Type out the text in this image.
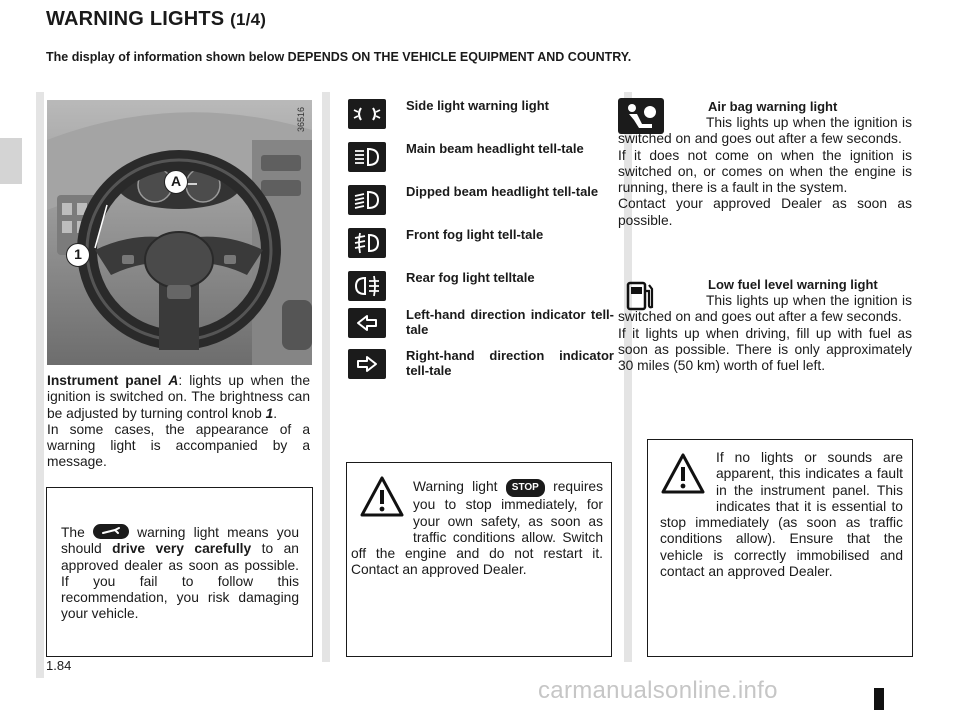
WARNING LIGHTS (1/4)
The display of information shown below DEPENDS ON THE VEHICLE EQUIPMENT AND COUNTRY.
36516
A
1
Instrument panel A: lights up when the ignition is switched on. The brightness can be adjusted by turning control knob 1.
In some cases, the appearance of a warning light is accompanied by a message.
The	warning light means you should drive very carefully to an approved dealer as soon as possible. If you fail to follow this recommendation, you risk damaging your vehicle.
Side light warning light
Main beam headlight tell-tale
Dipped beam headlight tell-tale
Front fog light tell-tale
Rear fog light telltale
Left-hand direction indicator tell-tale
Right-hand direction indicator tell-tale
Warning light STOP requires you to stop immediately, for your own safety, as soon as traffic conditions allow. Switch off the engine and do not restart it. Contact an approved Dealer.
Air bag warning light
This lights up when the ignition is switched on and goes out after a few seconds.
If it does not come on when the ignition is switched on, or comes on when the engine is running, there is a fault in the system.
Contact your approved Dealer as soon as possible.
Low fuel level warning light
This lights up when the ignition is switched on and goes out after a few seconds.
If it lights up when driving, fill up with fuel as soon as possible. There is only approximately 30 miles (50 km) worth of fuel left.
If no lights or sounds are apparent, this indicates a fault in the instrument panel. This indicates that it is essential to stop immediately (as soon as traffic conditions allow). Ensure that the vehicle is correctly immobilised and contact an approved Dealer.
1.84
carmanualsonline.info
